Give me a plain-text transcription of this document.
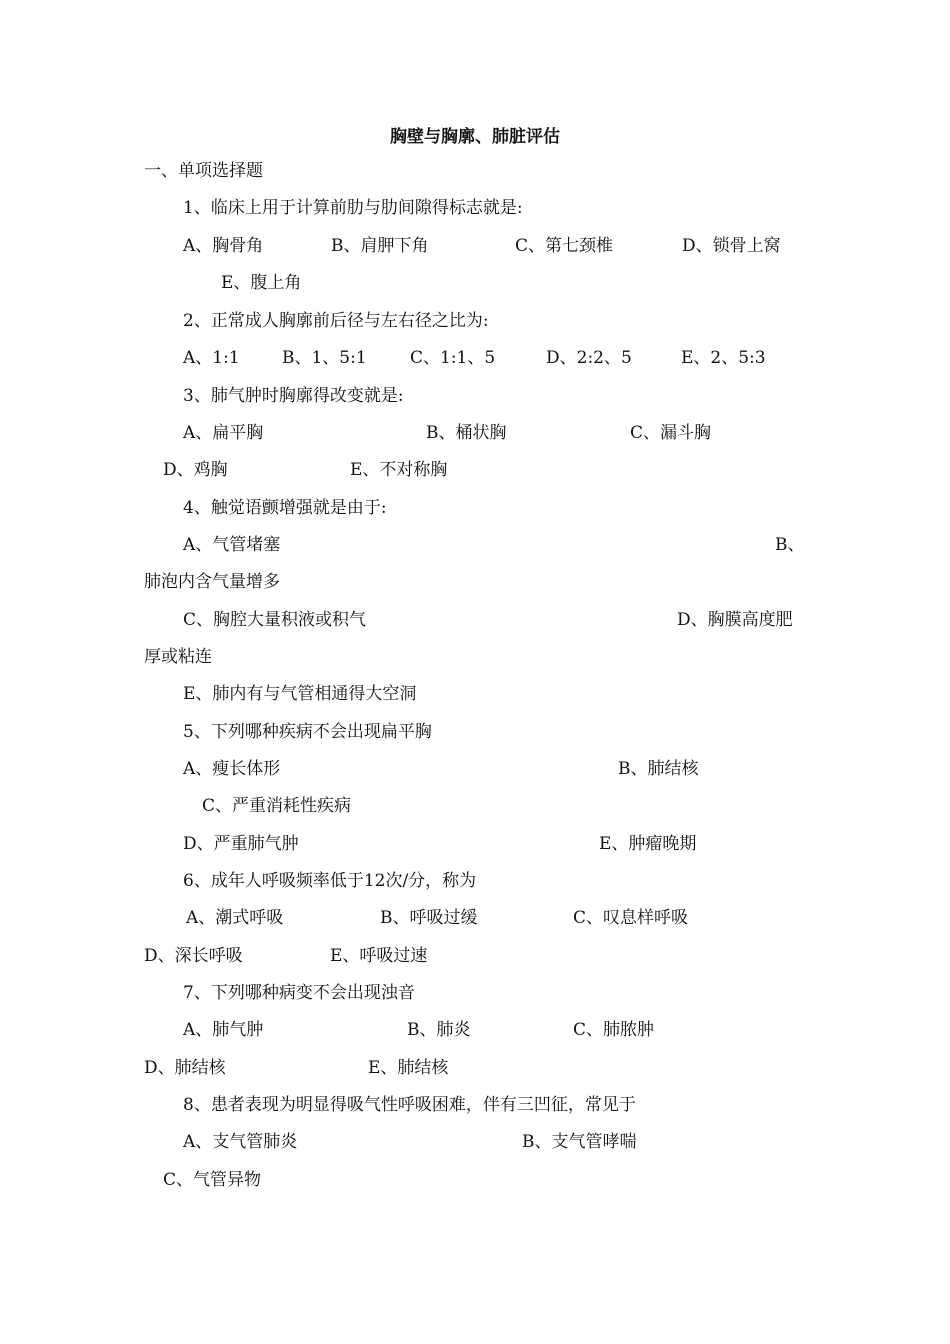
胸壁与胸廓、肺脏评估
一、单项选择题
1、临床上用于计算前肋与肋间隙得标志就是:
A、胸骨角	B、肩胛下角	C、第七颈椎	D、锁骨上窝
E、腹上角
2、正常成人胸廓前后径与左右径之比为:
A、1:1 B、1、5:1	C、1:1、5	D、2:2、5	E、2、5:3
3、肺气肿时胸廓得改变就是:
A、扁平胸	B、桶状胸	C、漏斗胸
D、鸡胸	E、不对称胸
4、触觉语颤增强就是由于:
A、气管堵塞	B、
肺泡内含气量增多
C、胸腔大量积液或积气	D、胸膜高度肥
厚或粘连
E、肺内有与气管相通得大空洞
5、下列哪种疾病不会出现扁平胸
A、瘦长体形	B、肺结核
C、严重消耗性疾病
D、严重肺气肿	E、肿瘤晚期
6、成年人呼吸频率低于12次/分，称为
A、潮式呼吸	B、呼吸过缓	C、叹息样呼吸
D、深长呼吸	E、呼吸过速
7、下列哪种病变不会出现浊音
A、肺气肿	B、肺炎	C、肺脓肿
D、肺结核	E、肺结核
8、患者表现为明显得吸气性呼吸困难，伴有三凹征，常见于
A、支气管肺炎	B、支气管哮喘
C、气管异物
